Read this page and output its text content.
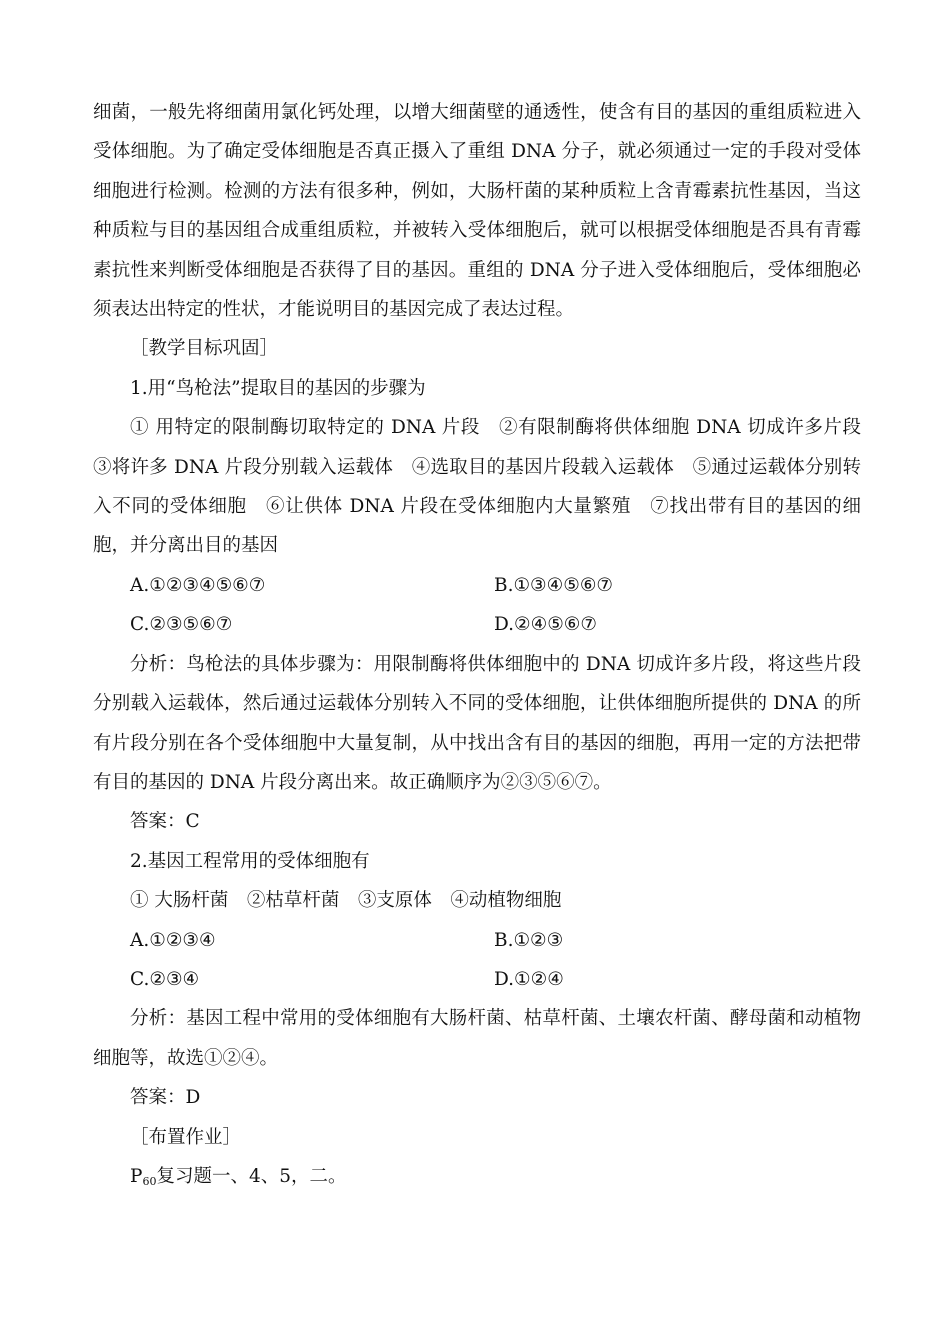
细菌，一般先将细菌用氯化钙处理，以增大细菌壁的通透性，使含有目的基因的重组质粒进入受体细胞。为了确定受体细胞是否真正摄入了重组 DNA 分子，就必须通过一定的手段对受体细胞进行检测。检测的方法有很多种，例如，大肠杆菌的某种质粒上含青霉素抗性基因，当这种质粒与目的基因组合成重组质粒，并被转入受体细胞后，就可以根据受体细胞是否具有青霉素抗性来判断受体细胞是否获得了目的基因。重组的 DNA 分子进入受体细胞后，受体细胞必须表达出特定的性状，才能说明目的基因完成了表达过程。

［教学目标巩固］

1.用“鸟枪法”提取目的基因的步骤为

① 用特定的限制酶切取特定的 DNA 片段　②有限制酶将供体细胞 DNA 切成许多片段 ③将许多 DNA 片段分别载入运载体　④选取目的基因片段载入运载体　⑤通过运载体分别转入不同的受体细胞　⑥让供体 DNA 片段在受体细胞内大量繁殖　⑦找出带有目的基因的细胞，并分离出目的基因

A.①②③④⑤⑥⑦	B.①③④⑤⑥⑦
C.②③⑤⑥⑦	D.②④⑤⑥⑦

分析：鸟枪法的具体步骤为：用限制酶将供体细胞中的 DNA 切成许多片段，将这些片段分别载入运载体，然后通过运载体分别转入不同的受体细胞，让供体细胞所提供的 DNA 的所有片段分别在各个受体细胞中大量复制，从中找出含有目的基因的细胞，再用一定的方法把带有目的基因的 DNA 片段分离出来。故正确顺序为②③⑤⑥⑦。

答案：C

2.基因工程常用的受体细胞有

① 大肠杆菌　②枯草杆菌　③支原体　④动植物细胞

A.①②③④	B.①②③
C.②③④	D.①②④

分析：基因工程中常用的受体细胞有大肠杆菌、枯草杆菌、土壤农杆菌、酵母菌和动植物细胞等，故选①②④。

答案：D

［布置作业］

$P_{60}$复习题一、4、5，二。
